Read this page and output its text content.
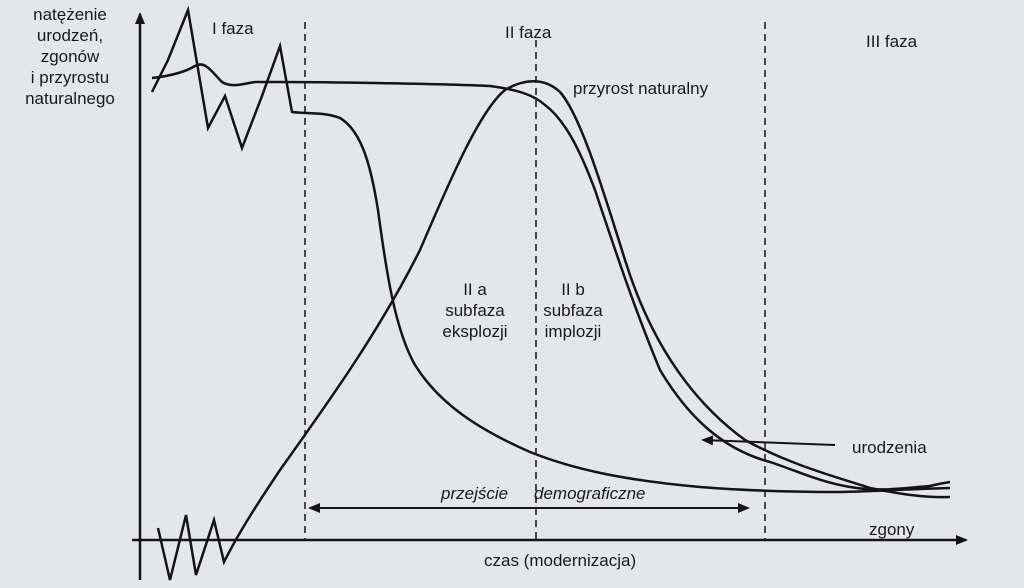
natężenie
urodzeń,
zgonów
i przyrostu
naturalnego
I faza	II faza	III faza
przyrost naturalny
urodzenia
zgony
II a
subfaza
eksplozji
II b
subfaza
implozji
przejście demograficzne
czas (modernizacja)
